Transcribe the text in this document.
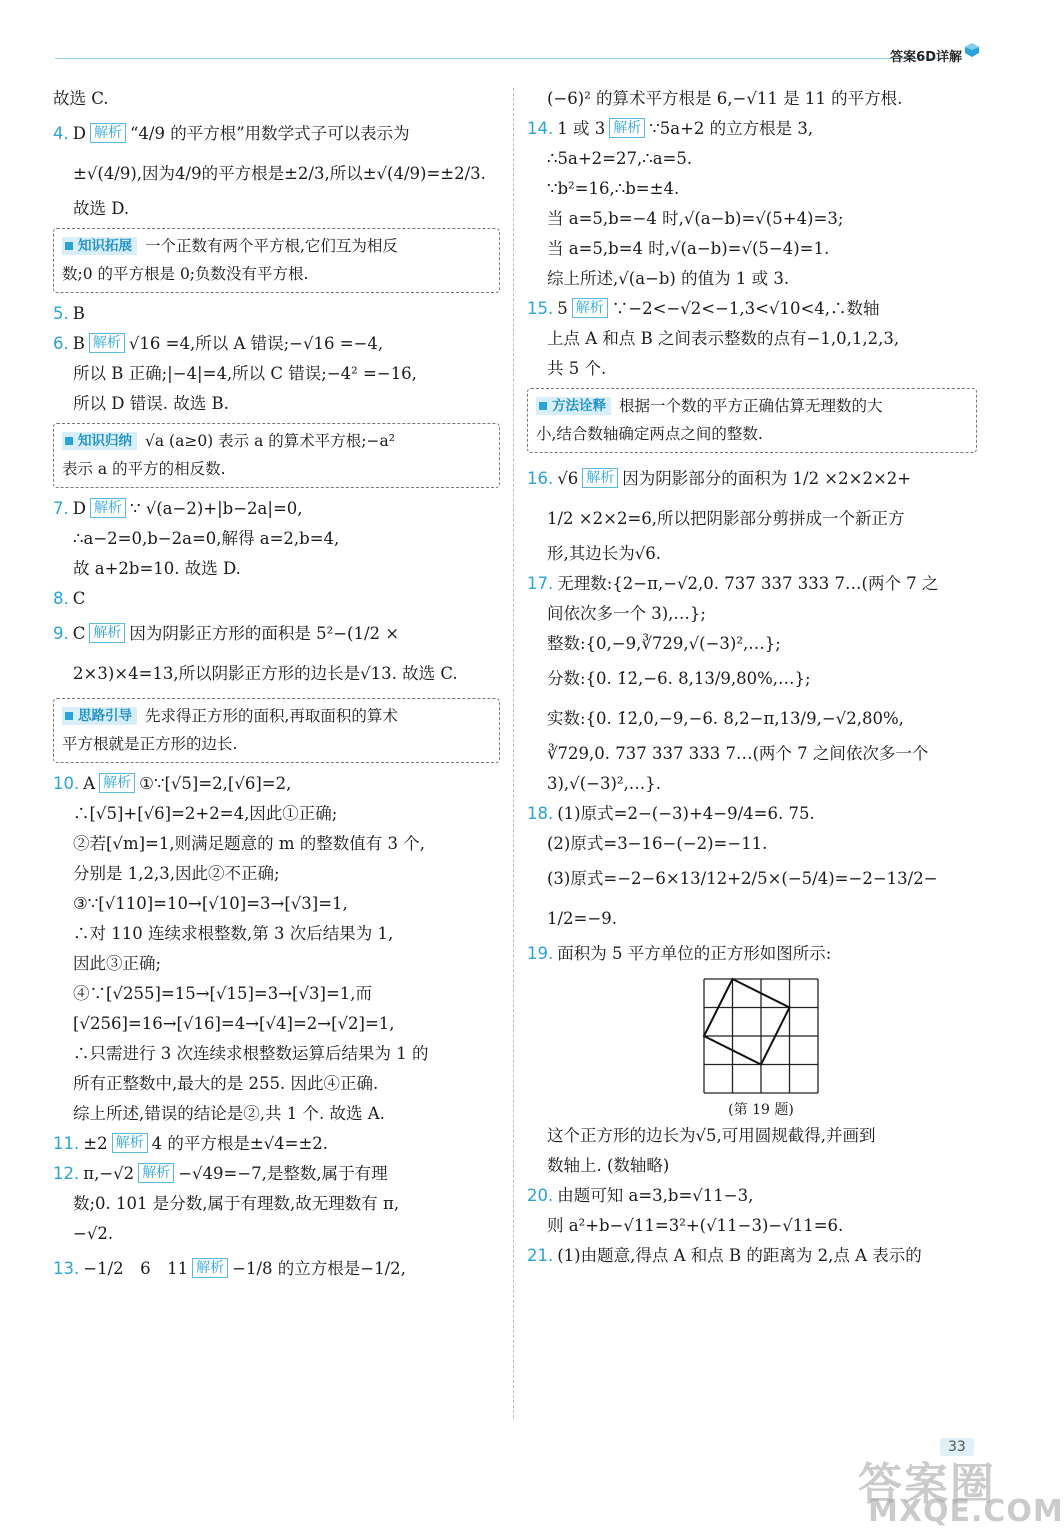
答案6D详解
故选 C.
4. D 解析 “4/9 的平方根”用数学式子可以表示为
±√(4/9),因为4/9的平方根是±2/3,所以±√(4/9)=±2/3.
故选 D.
知识拓展 一个正数有两个平方根,它们互为相反
数;0 的平方根是 0;负数没有平方根.
5. B
6. B 解析 √16 =4,所以 A 错误;−√16 =−4,
所以 B 正确;|−4|=4,所以 C 错误;−4² =−16,
所以 D 错误. 故选 B.
知识归纳 √a (a≥0) 表示 a 的算术平方根;−a²
表示 a 的平方的相反数.
7. D 解析 ∵ √(a−2)+|b−2a|=0,
∴a−2=0,b−2a=0,解得 a=2,b=4,
故 a+2b=10. 故选 D.
8. C
9. C 解析 因为阴影正方形的面积是 5²−(1/2 ×
2×3)×4=13,所以阴影正方形的边长是√13. 故选 C.
思路引导 先求得正方形的面积,再取面积的算术
平方根就是正方形的边长.
10. A 解析 ①∵[√5]=2,[√6]=2,
∴[√5]+[√6]=2+2=4,因此①正确;
②若[√m]=1,则满足题意的 m 的整数值有 3 个,
分别是 1,2,3,因此②不正确;
③∵[√110]=10→[√10]=3→[√3]=1,
∴对 110 连续求根整数,第 3 次后结果为 1,
因此③正确;
④∵[√255]=15→[√15]=3→[√3]=1,而
[√256]=16→[√16]=4→[√4]=2→[√2]=1,
∴只需进行 3 次连续求根整数运算后结果为 1 的
所有正整数中,最大的是 255. 因此④正确.
综上所述,错误的结论是②,共 1 个. 故选 A.
11. ±2 解析 4 的平方根是±√4=±2.
12. π,−√2 解析 −√49=−7,是整数,属于有理
数;0. 101 是分数,属于有理数,故无理数有 π,
−√2.
13. −1/2　6　11 解析 −1/8 的立方根是−1/2,
(−6)² 的算术平方根是 6,−√11 是 11 的平方根.
14. 1 或 3 解析 ∵5a+2 的立方根是 3,
∴5a+2=27,∴a=5.
∵b²=16,∴b=±4.
当 a=5,b=−4 时,√(a−b)=√(5+4)=3;
当 a=5,b=4 时,√(a−b)=√(5−4)=1.
综上所述,√(a−b) 的值为 1 或 3.
15. 5 解析 ∵−2<−√2<−1,3<√10<4,∴数轴
上点 A 和点 B 之间表示整数的点有−1,0,1,2,3,
共 5 个.
方法诠释 根据一个数的平方正确估算无理数的大
小,结合数轴确定两点之间的整数.
16. √6 解析 因为阴影部分的面积为 1/2 ×2×2×2+
1/2 ×2×2=6,所以把阴影部分剪拼成一个新正方
形,其边长为√6.
17. 无理数:{2−π,−√2,0. 737 337 333 7…(两个 7 之
间依次多一个 3),…};
整数:{0,−9,∛729,√(−3)²,…};
分数:{0. 1̇2̇,−6. 8,13/9,80%,…};
实数:{0. 1̇2̇,0,−9,−6. 8,2−π,13/9,−√2,80%,
∛729,0. 737 337 333 7…(两个 7 之间依次多一个
3),√(−3)²,…}.
18. (1)原式=2−(−3)+4−9/4=6. 75.
(2)原式=3−16−(−2)=−11.
(3)原式=−2−6×13/12+2/5×(−5/4)=−2−13/2−
1/2=−9.
19. 面积为 5 平方单位的正方形如图所示:
(第 19 题)
这个正方形的边长为√5,可用圆规截得,并画到
数轴上. (数轴略)
20. 由题可知 a=3,b=√11−3,
则 a²+b−√11=3²+(√11−3)−√11=6.
21. (1)由题意,得点 A 和点 B 的距离为 2,点 A 表示的
33
答案圈
MXQE.COM
